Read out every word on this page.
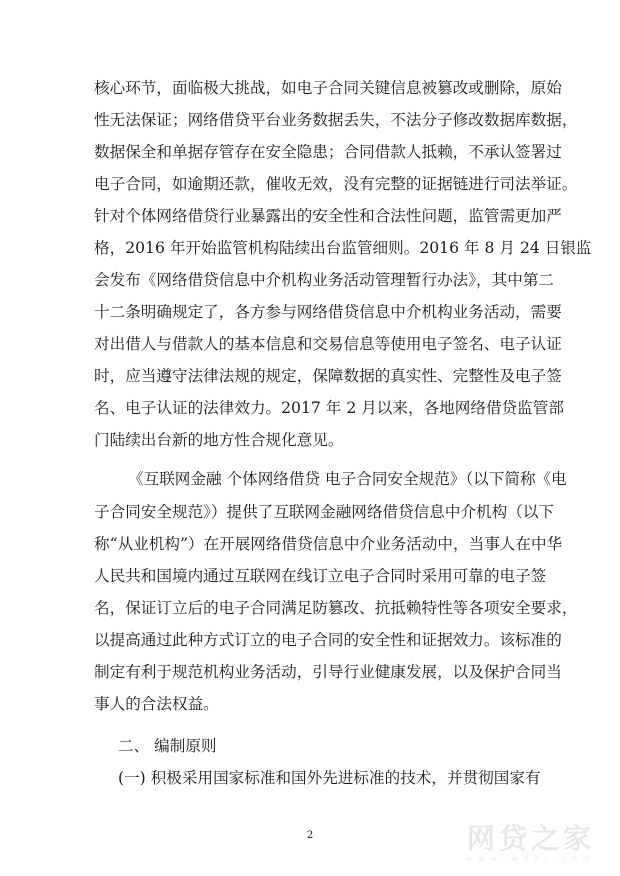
核心环节，面临极大挑战，如电子合同关键信息被篡改或删除，原始
性无法保证；网络借贷平台业务数据丢失，不法分子修改数据库数据，
数据保全和单据存管存在安全隐患；合同借款人抵赖，不承认签署过
电子合同，如逾期还款，催收无效，没有完整的证据链进行司法举证。
针对个体网络借贷行业暴露出的安全性和合法性问题，监管需更加严
格，2016 年开始监管机构陆续出台监管细则。2016 年 8 月 24 日银监
会发布《网络借贷信息中介机构业务活动管理暂行办法》，其中第二
十二条明确规定了，各方参与网络借贷信息中介机构业务活动，需要
对出借人与借款人的基本信息和交易信息等使用电子签名、电子认证
时，应当遵守法律法规的规定，保障数据的真实性、完整性及电子签
名、电子认证的法律效力。2017 年 2 月以来，各地网络借贷监管部
门陆续出台新的地方性合规化意见。
《互联网金融 个体网络借贷 电子合同安全规范》（以下简称《电
子合同安全规范》）提供了互联网金融网络借贷信息中介机构（以下
称“从业机构”）在开展网络借贷信息中介业务活动中，当事人在中华
人民共和国境内通过互联网在线订立电子合同时采用可靠的电子签
名，保证订立后的电子合同满足防篡改、抗抵赖特性等各项安全要求，
以提高通过此种方式订立的电子合同的安全性和证据效力。该标准的
制定有利于规范机构业务活动，引导行业健康发展，以及保护合同当
事人的合法权益。
二、 编制原则
(一) 积极采用国家标准和国外先进标准的技术，并贯彻国家有
2	网贷之家
www.wdzj.com
